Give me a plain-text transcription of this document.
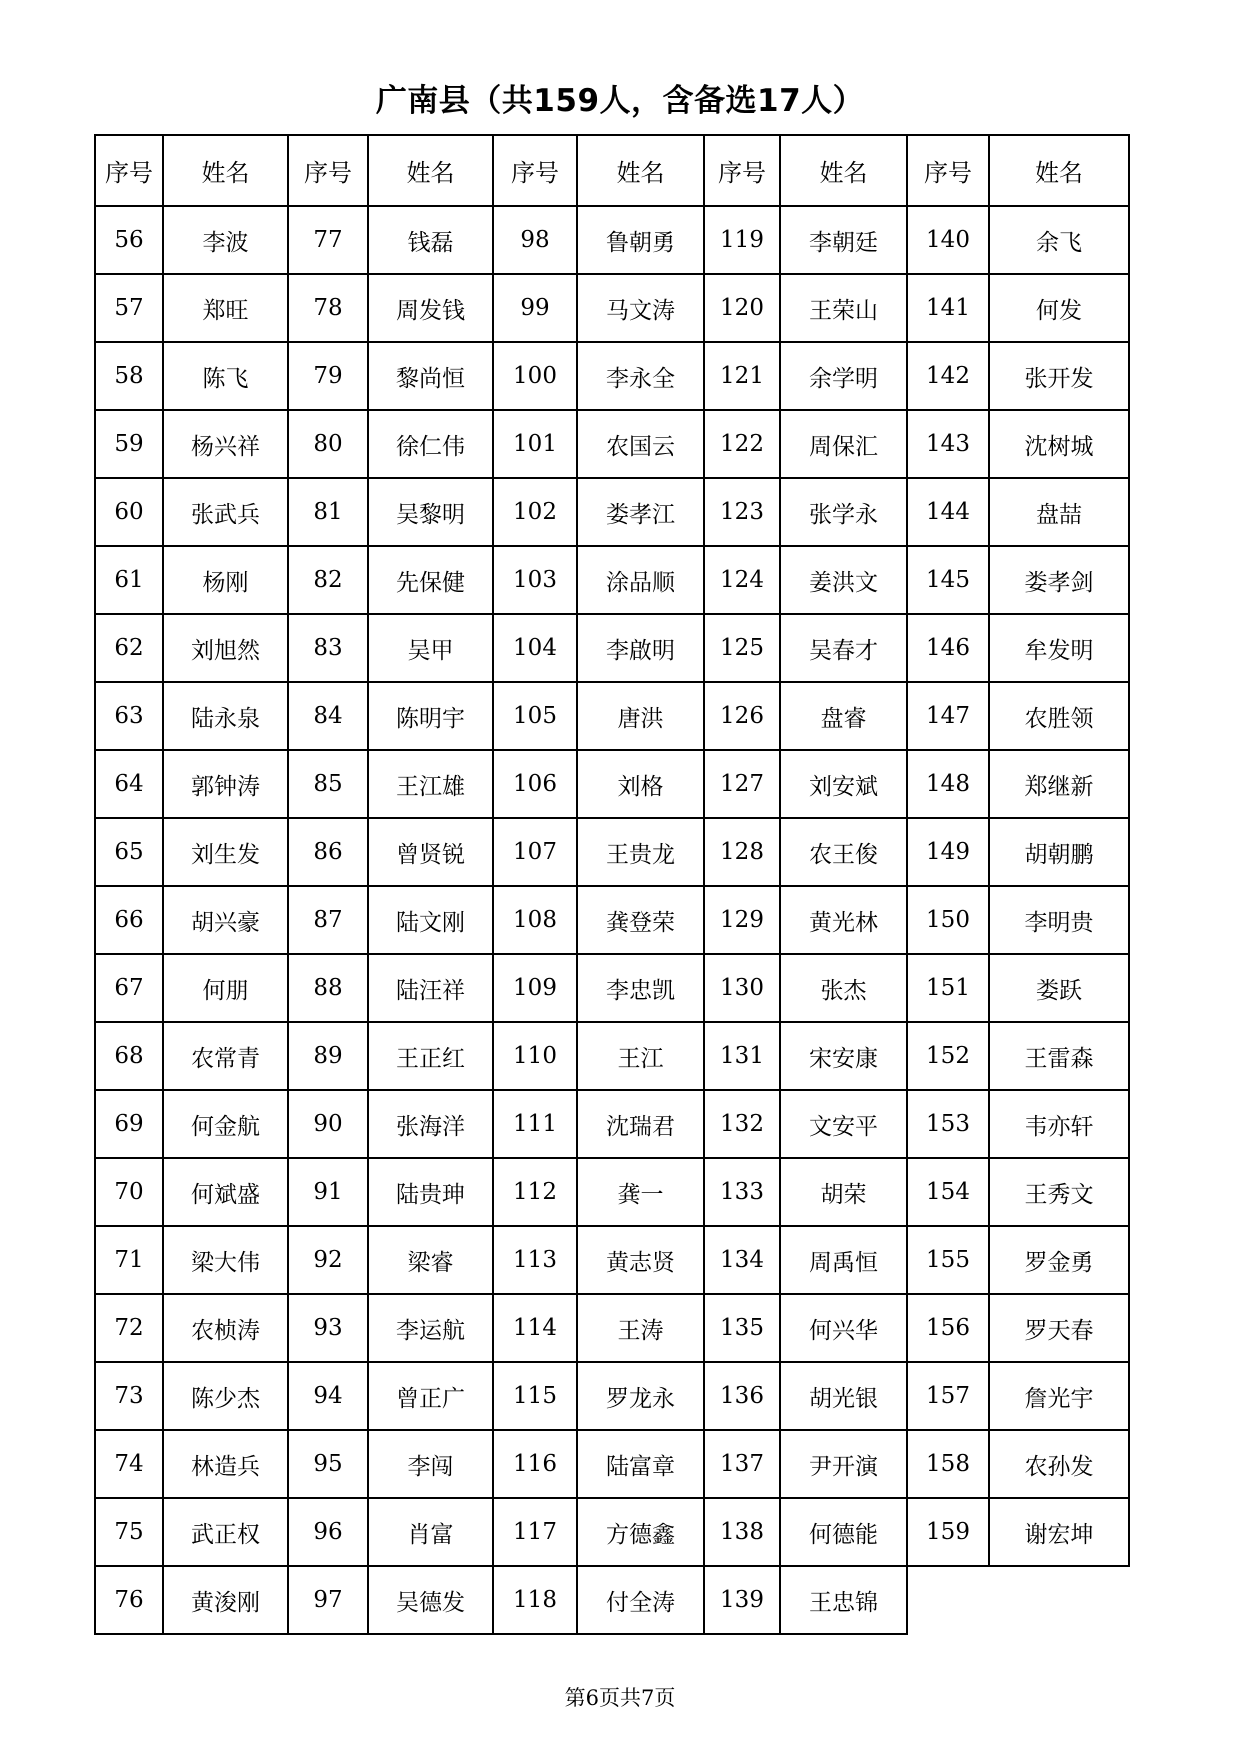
广南县（共159人，含备选17人）
序号	姓名	序号	姓名	序号	姓名	序号	姓名	序号	姓名
56	李波	77	钱磊	98	鲁朝勇	119	李朝廷	140	余飞
57	郑旺	78	周发钱	99	马文涛	120	王荣山	141	何发
58	陈飞	79	黎尚恒	100	李永全	121	余学明	142	张开发
59	杨兴祥	80	徐仁伟	101	农国云	122	周保汇	143	沈树城
60	张武兵	81	吴黎明	102	娄孝江	123	张学永	144	盘喆
61	杨刚	82	先保健	103	涂品顺	124	姜洪文	145	娄孝剑
62	刘旭然	83	吴甲	104	李啟明	125	吴春才	146	牟发明
63	陆永泉	84	陈明宇	105	唐洪	126	盘睿	147	农胜领
64	郭钟涛	85	王江雄	106	刘格	127	刘安斌	148	郑继新
65	刘生发	86	曾贤锐	107	王贵龙	128	农王俊	149	胡朝鹏
66	胡兴豪	87	陆文刚	108	龚登荣	129	黄光林	150	李明贵
67	何朋	88	陆汪祥	109	李忠凯	130	张杰	151	娄跃
68	农常青	89	王正红	110	王江	131	宋安康	152	王雷森
69	何金航	90	张海洋	111	沈瑞君	132	文安平	153	韦亦轩
70	何斌盛	91	陆贵珅	112	龚一	133	胡荣	154	王秀文
71	梁大伟	92	梁睿	113	黄志贤	134	周禹恒	155	罗金勇
72	农桢涛	93	李运航	114	王涛	135	何兴华	156	罗天春
73	陈少杰	94	曾正广	115	罗龙永	136	胡光银	157	詹光宇
74	林造兵	95	李闯	116	陆富章	137	尹开演	158	农孙发
75	武正权	96	肖富	117	方德鑫	138	何德能	159	谢宏坤
76	黄浚刚	97	吴德发	118	付全涛	139	王忠锦
第6页共7页
